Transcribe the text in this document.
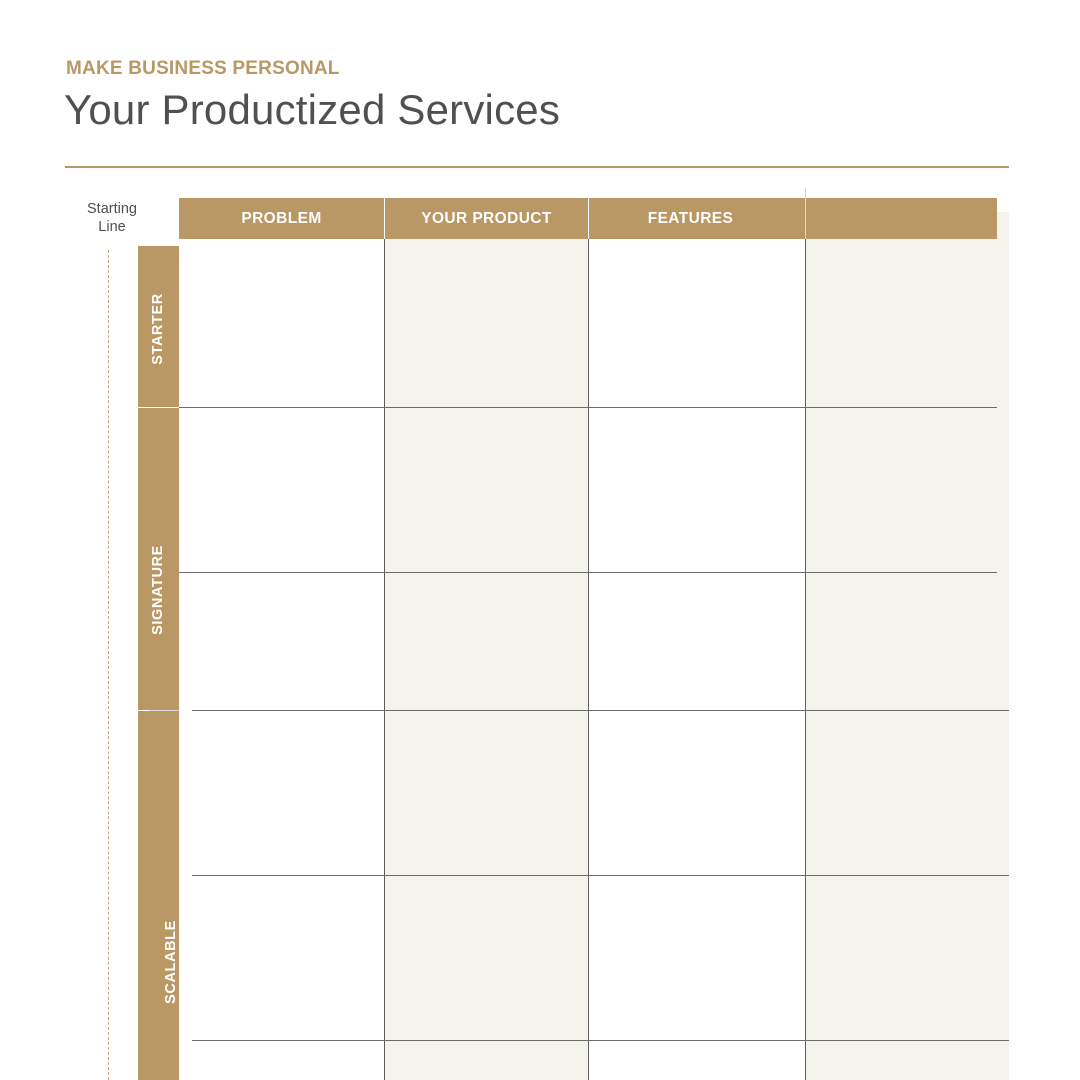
MAKE BUSINESS PERSONAL
Your Productized Services
Starting Line
PROBLEM	YOUR PRODUCT	FEATURES
STARTER
SIGNATURE
SCALABLE
